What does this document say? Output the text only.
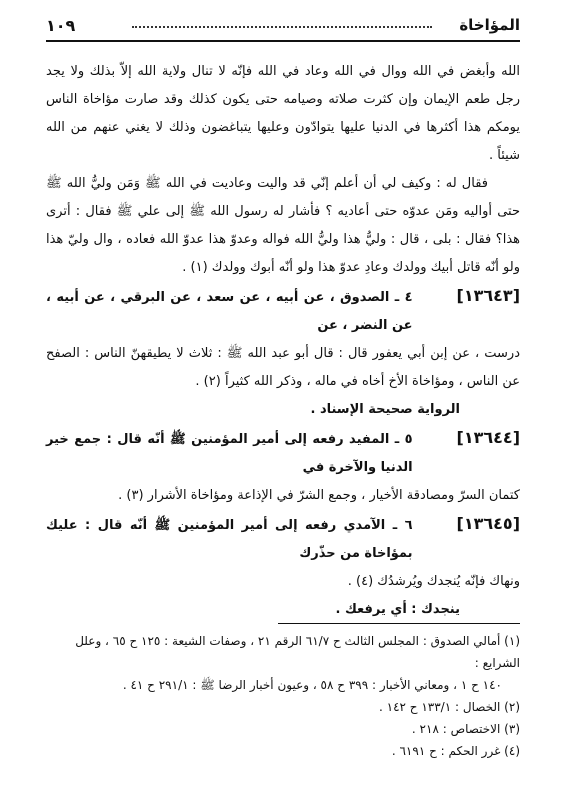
المؤاخاة
١٠٩

الله وأبغض في الله ووال في الله وعاد في الله فإنّه لا تنال ولاية الله إلاّ بذلك ولا يجد رجل طعم الإيمان وإن كثرت صلاته وصيامه حتى يكون كذلك وقد صارت مؤاخاة الناس يومكم هذا أكثرها في الدنيا عليها يتوادّون وعليها يتباغضون وذلك لا يغني عنهم من الله شيئاً .

فقال له : وكيف لي أن أعلم إنّي قد واليت وعاديت في الله ﷺ وَمَن وليُّ الله ﷺ حتى أواليه ومَن عدوّه حتى أعاديه ؟ فأشار له رسول الله ﷺ إلى علي ﷺ فقال : أترى هذا؟ فقال : بلى ، قال : وليُّ هذا وليُّ الله فواله وعدوّ هذا عدوّ الله فعاده ، وال وليّ هذا ولو أنّه قاتل أبيك وولدك وعادِ عدوّ هذا ولو أنّه أبوك وولدك (١) .

[١٣٦٤٣]
٤ ـ الصدوق ، عن أبيه ، عن سعد ، عن البرقي ، عن أبيه ، عن النضر ، عن

درست ، عن إبن أبي يعفور قال : قال أبو عبد الله ﷺ : ثلاث لا يطيقهنّ الناس : الصفح عن الناس ، ومؤاخاة الأخ أخاه في ماله ، وذكر الله كثيراً (٢) .

الرواية صحيحة الإسناد .

[١٣٦٤٤]
٥ ـ المفيد رفعه إلى أمير المؤمنين ﷺ أنّه قال : جمع خير الدنيا والآخرة في

كتمان السرّ ومصادقة الأخيار ، وجمع الشرّ في الإذاعة ومؤاخاة الأشرار (٣) .

[١٣٦٤٥]
٦ ـ الآمدي رفعه إلى أمير المؤمنين ﷺ أنّه قال : عليك بمؤاخاة من حذّرك

ونهاك فإنّه يُنجدك ويُرشدُك (٤) .

ينجدك : أي يرفعك .

(١) أمالي الصدوق : المجلس الثالث ح ٦١/٧ الرقم ٢١ ، وصفات الشيعة : ١٢٥ ح ٦٥ ، وعلل الشرايع :

١٤٠ ح ١ ، ومعاني الأخبار : ٣٩٩ ح ٥٨ ، وعيون أخبار الرضا ﷺ : ٢٩١/١ ح ٤١ .

(٢) الخصال : ١٣٣/١ ح ١٤٢ .

(٣) الاختصاص : ٢١٨ .

(٤) غرر الحكم : ح ٦١٩١ .
